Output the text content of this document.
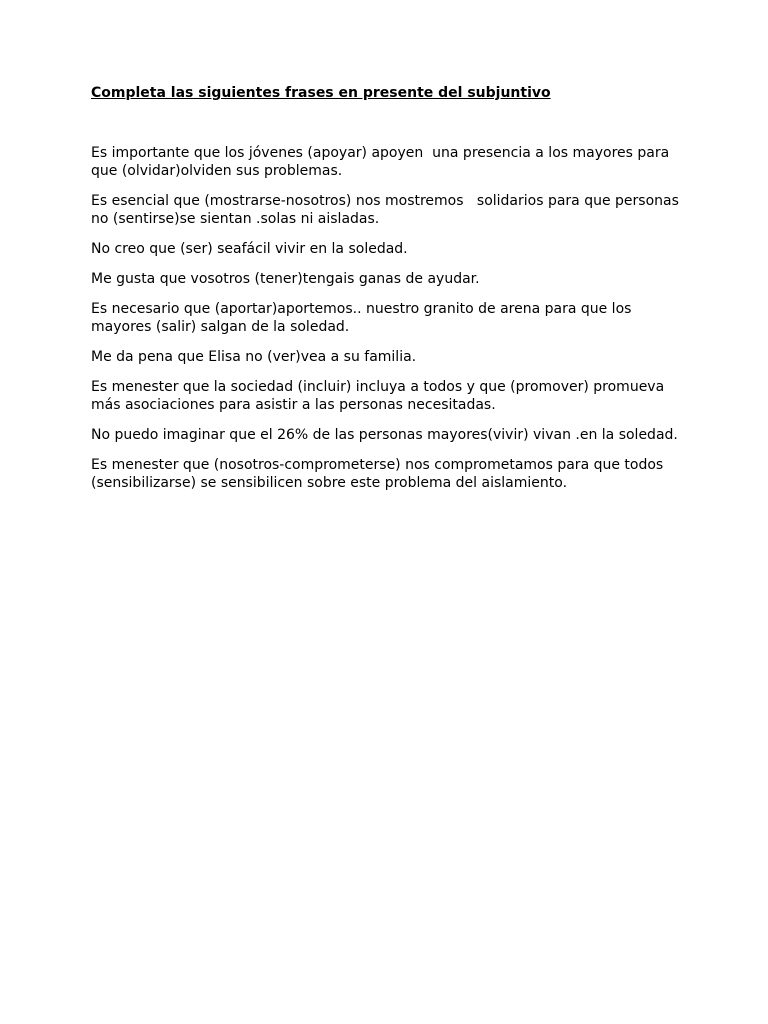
Completa las siguientes frases en presente del subjuntivo

Es importante que los jóvenes (apoyar) apoyen  una presencia a los mayores para que (olvidar)olviden sus problemas.

Es esencial que (mostrarse-nosotros) nos mostremos   solidarios para que personas no (sentirse)se sientan .solas ni aisladas.

No creo que (ser) seafácil vivir en la soledad.

Me gusta que vosotros (tener)tengais ganas de ayudar.

Es necesario que (aportar)aportemos.. nuestro granito de arena para que los mayores (salir) salgan de la soledad.

Me da pena que Elisa no (ver)vea a su familia.

Es menester que la sociedad (incluir) incluya a todos y que (promover) promueva más asociaciones para asistir a las personas necesitadas.

No puedo imaginar que el 26% de las personas mayores(vivir) vivan .en la soledad.

Es menester que (nosotros-comprometerse) nos comprometamos para que todos (sensibilizarse) se sensibilicen sobre este problema del aislamiento.
